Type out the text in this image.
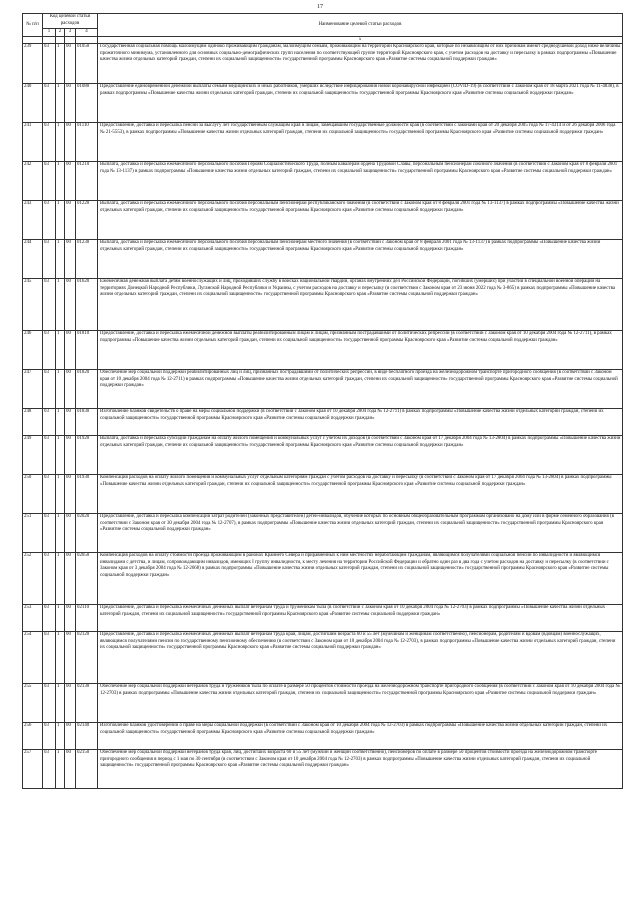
17
№ п/п	Код целевой статьи расходов				Наименование целевой статьи расходов
	1	2	3	4	
					5
239	03	1	00	01050	Государственная социальная помощь малоимущим одиноко проживающим гражданам, малоимущим семьям, проживающим на территории Красноярского края, которые по независящим от них причинам имеют среднедушевой доход ниже величины прожиточного минимума, установленного для основных социально-демографических групп населения по соответствующей группе территорий Красноярского края, с учетом расходов на доставку и пересылку в рамках подпрограммы «Повышение качества жизни отдельных категорий граждан, степени их социальной защищенности» государственной программы Красноярского края «Развитие системы социальной поддержки граждан»
240	03	1	00	01080	Предоставление единовременной денежной выплаты семьям медицинских и иных работников, умерших вследствие инфицирования новой коронавирусной инфекцией (COVID-19) (в соответствии с Законом края от 18 марта 2021 года № 11-4838), в рамках подпрограммы «Повышение качества жизни отдельных категорий граждан, степени их социальной защищенности» государственной программы Красноярского края «Развитие системы социальной поддержки граждан»
241	03	1	00	01110	Предоставление, доставка и пересылка пенсии за выслугу лет государственным служащим края и лицам, замещавшим государственные должности края (в соответствии с законами края от 20 декабря 2005 года № 17-4314 и от 26 декабря 2006 года № 21-5553), в рамках подпрограммы «Повышение качества жизни отдельных категорий граждан, степени их социальной защищенности» государственной программы Красноярского края «Развитие системы социальной поддержки граждан»
242	03	1	00	01210	Выплата, доставка и пересылка ежемесячного персонального пособия Героям Социалистического Труда, полным кавалерам ордена Трудовой Славы, персональным пенсионерам союзного значения (в соответствии с Законом края от 8 февраля 2001 года № 13-1137) в рамках подпрограммы «Повышение качества жизни отдельных категорий граждан, степени их социальной защищенности» государственной программы Красноярского края «Развитие системы социальной поддержки граждан»
243	03	1	00	01220	Выплата, доставка и пересылка ежемесячного персонального пособия персональным пенсионерам республиканского значения (в соответствии с Законом края от 8 февраля 2001 года № 13-1137) в рамках подпрограммы «Повышение качества жизни отдельных категорий граждан, степени их социальной защищенности» государственной программы Красноярского края «Развитие системы социальной поддержки граждан»
244	03	1	00	01230	Выплата, доставка и пересылка ежемесячного персонального пособия персональным пенсионерам местного значения (в соответствии с Законом края от 8 февраля 2001 года № 13-1137) в рамках подпрограммы «Повышение качества жизни отдельных категорий граждан, степени их социальной защищенности» государственной программы Красноярского края «Развитие системы социальной поддержки граждан»
245	03	1	00	01620	Ежемесячная денежная выплата детям военнослужащих и лиц, проходивших службу в войсках национальной гвардии, органах внутренних дел Российской Федерации, погибших (умерших) при участии в специальной военной операции на территориях Донецкой Народной Республики, Луганской Народной Республики и Украины, с учетом расходов на доставку и пересылку (в соответствии с Законом края от 23 июня 2022 года № 3-865) в рамках подпрограммы «Повышение качества жизни отдельных категорий граждан, степени их социальной защищенности» государственной программы Красноярского края «Развитие системы социальной поддержки граждан»
246	03	1	00	01810	Предоставление, доставка и пересылка ежемесячной денежной выплаты реабилитированным лицам и лицам, признанным пострадавшими от политических репрессий (в соответствии с Законом края от 10 декабря 2004 года № 12-2711), в рамках подпрограммы «Повышение качества жизни отдельных категорий граждан, степени их социальной защищенности» государственной программы Красноярского края «Развитие системы социальной поддержки граждан»
247	03	1	00	01820	Обеспечение мер социальной поддержки реабилитированных лиц и лиц, признанных пострадавшими от политических репрессий, в виде бесплатного проезда на железнодорожном транспорте пригородного сообщения (в соответствии с Законом края от 10 декабря 2004 года № 12-2711) в рамках подпрограммы «Повышение качества жизни отдельных категорий граждан, степени их социальной защищенности» государственной программы Красноярского края «Развитие системы социальной поддержки граждан»
248	03	1	00	01830	Изготовление бланков свидетельств о праве на меры социальной поддержки (в соответствии с Законом края от 10 декабря 2004 года № 12-2711) в рамках подпрограммы «Повышение качества жизни отдельных категорий граждан, степени их социальной защищенности» государственной программы Красноярского края «Развитие системы социальной поддержки граждан»
249	03	1	00	01920	Выплата, доставка и пересылка субсидий гражданам на оплату жилого помещения и коммунальных услуг с учетом их доходов (в соответствии с Законом края от 17 декабря 2004 года № 13-2804) в рамках подпрограммы «Повышение качества жизни отдельных категорий граждан, степени их социальной защищенности» государственной программы Красноярского края «Развитие системы социальной поддержки граждан»
250	03	1	00	01930	Компенсация расходов на оплату жилого помещения и коммунальных услуг отдельным категориям граждан с учетом расходов на доставку и пересылку (в соответствии с Законом края от 17 декабря 2004 года № 13-2804) в рамках подпрограммы «Повышение качества жизни отдельных категорий граждан, степени их социальной защищенности» государственной программы Красноярского края «Развитие системы социальной поддержки граждан»
251	03	1	00	02020	Предоставление, доставка и пересылка компенсации затрат родителей (законных представителей) детей-инвалидов, обучение которых по основным общеобразовательным программам организовано на дому или в форме семейного образования (в соответствии с Законом края от 30 декабря 2004 года № 12-2707), в рамках подпрограммы «Повышение качества жизни отдельных категорий граждан, степени их социальной защищенности» государственной программы Красноярского края «Развитие системы социальной поддержки граждан»
252	03	1	00	02050	Компенсация расходов на оплату стоимости проезда проживающим в районах Крайнего Севера и приравненных к ним местностях неработающим гражданам, являющимся получателями социальной пенсии по инвалидности и являющимся инвалидами с детства, и лицам, сопровождающим инвалидов, имеющих I группу инвалидности, к месту лечения на территории Российской Федерации и обратно один раз в два года с учетом расходов на доставку и пересылку (в соответствии с Законом края от 3 декабря 2004 года № 12-2668) в рамках подпрограммы «Повышение качества жизни отдельных категорий граждан, степени их социальной защищенности» государственной программы Красноярского края «Развитие системы социальной поддержки граждан»
253	03	1	00	02110	Предоставление, доставка и пересылка ежемесячных денежных выплат ветеранам труда и труженикам тыла (в соответствии с Законом края от 10 декабря 2004 года № 12-2703) в рамках подпрограммы «Повышение качества жизни отдельных категорий граждан, степени их социальной защищенности» государственной программы Красноярского края «Развитие системы социальной поддержки граждан»
254	03	1	00	02120	Предоставление, доставка и пересылка ежемесячных денежных выплат ветеранам труда края, лицам, достигшим возраста 60 и 55 лет (мужчинам и женщинам соответственно), пенсионерам, родителям и вдовам (вдовцам) военнослужащих, являющимся получателями пенсии по государственному пенсионному обеспечению (в соответствии с Законом края от 10 декабря 2004 года № 12-2703), в рамках подпрограммы «Повышение качества жизни отдельных категорий граждан, степени их социальной защищенности» государственной программы Красноярского края «Развитие системы социальной поддержки граждан»
255	03	1	00	02130	Обеспечение мер социальной поддержки ветеранов труда и тружеников тыла по оплате в размере 50 процентов стоимости проезда на железнодорожном транспорте пригородного сообщения (в соответствии с Законом края от 10 декабря 2004 года № 12-2703) в рамках подпрограммы «Повышение качества жизни отдельных категорий граждан, степени их социальной защищенности» государственной программы Красноярского края «Развитие системы социальной поддержки граждан»
256	03	1	00	02140	Изготовление бланков удостоверений о праве на меры социальной поддержки (в соответствии с Законом края от 10 декабря 2004 года № 12-2703) в рамках подпрограммы «Повышение качества жизни отдельных категорий граждан, степени их социальной защищенности» государственной программы Красноярского края «Развитие системы социальной поддержки граждан»
257	03	1	00	02150	Обеспечение мер социальной поддержки ветеранов труда края, лиц, достигших возраста 60 и 55 лет (мужчин и женщин соответственно), пенсионеров по оплате в размере 50 процентов стоимости проезда на железнодорожном транспорте пригородного сообщения в период с 1 мая по 30 сентября (в соответствии с Законом края от 10 декабря 2004 года № 12-2703) в рамках подпрограммы «Повышение качества жизни отдельных категорий граждан, степени их социальной защищенности» государственной программы Красноярского края «Развитие системы социальной поддержки граждан»
